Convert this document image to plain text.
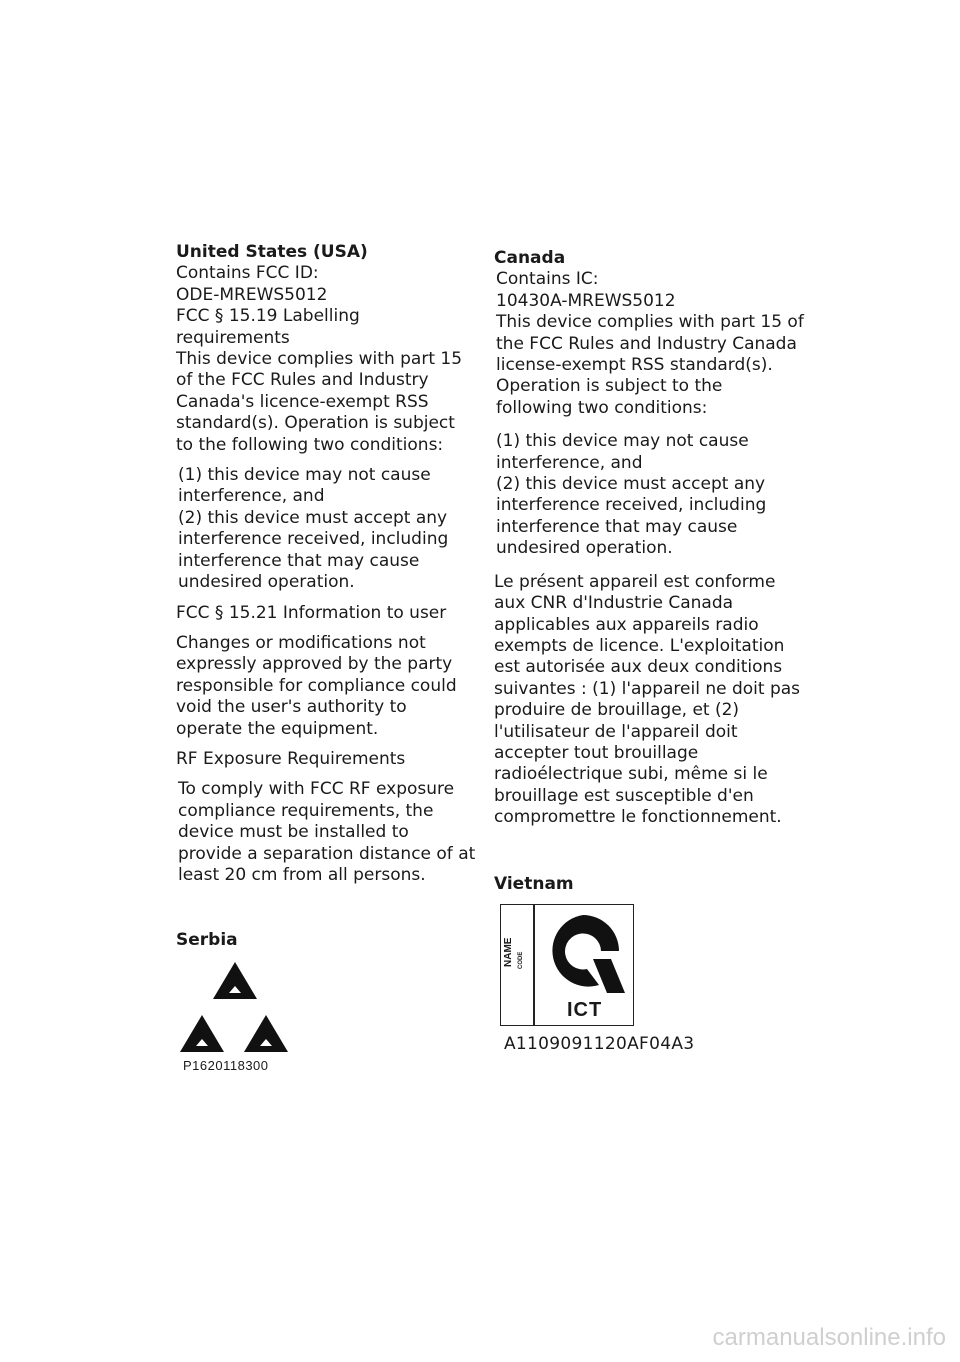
United States (USA)

Contains FCC ID:

ODE-MREWS5012

FCC § 15.19 Labelling requirements

This device complies with part 15 of the FCC Rules and Industry Canada's licence-exempt RSS standard(s). Operation is subject to the following two conditions:

(1) this device may not cause interference, and

(2) this device must accept any interference received, including interference that may cause undesired operation.

FCC § 15.21 Information to user

Changes or modifications not expressly approved by the party responsible for compliance could void the user's authority to operate the equipment.

RF Exposure Requirements

To comply with FCC RF exposure compliance requirements, the device must be installed to provide a separation distance of at least 20 cm from all persons.

Canada

Contains IC:

10430A-MREWS5012

This device complies with part 15 of the FCC Rules and Industry Canada license-exempt RSS standard(s). Operation is subject to the following two conditions:

(1) this device may not cause interference, and

(2) this device must accept any interference received, including interference that may cause undesired operation.

Le présent appareil est conforme aux CNR d'Industrie Canada applicables aux appareils radio exempts de licence. L'exploitation est autorisée aux deux conditions suivantes : (1) l'appareil ne doit pas produire de brouillage, et (2) l'utilisateur de l'appareil doit accepter tout brouillage radioélectrique subi, même si le brouillage est susceptible d'en compromettre le fonctionnement.

Serbia
P1620118300
Vietnam
NAME CODE
ICT
A1109091120AF04A3
carmanualsonline.info
